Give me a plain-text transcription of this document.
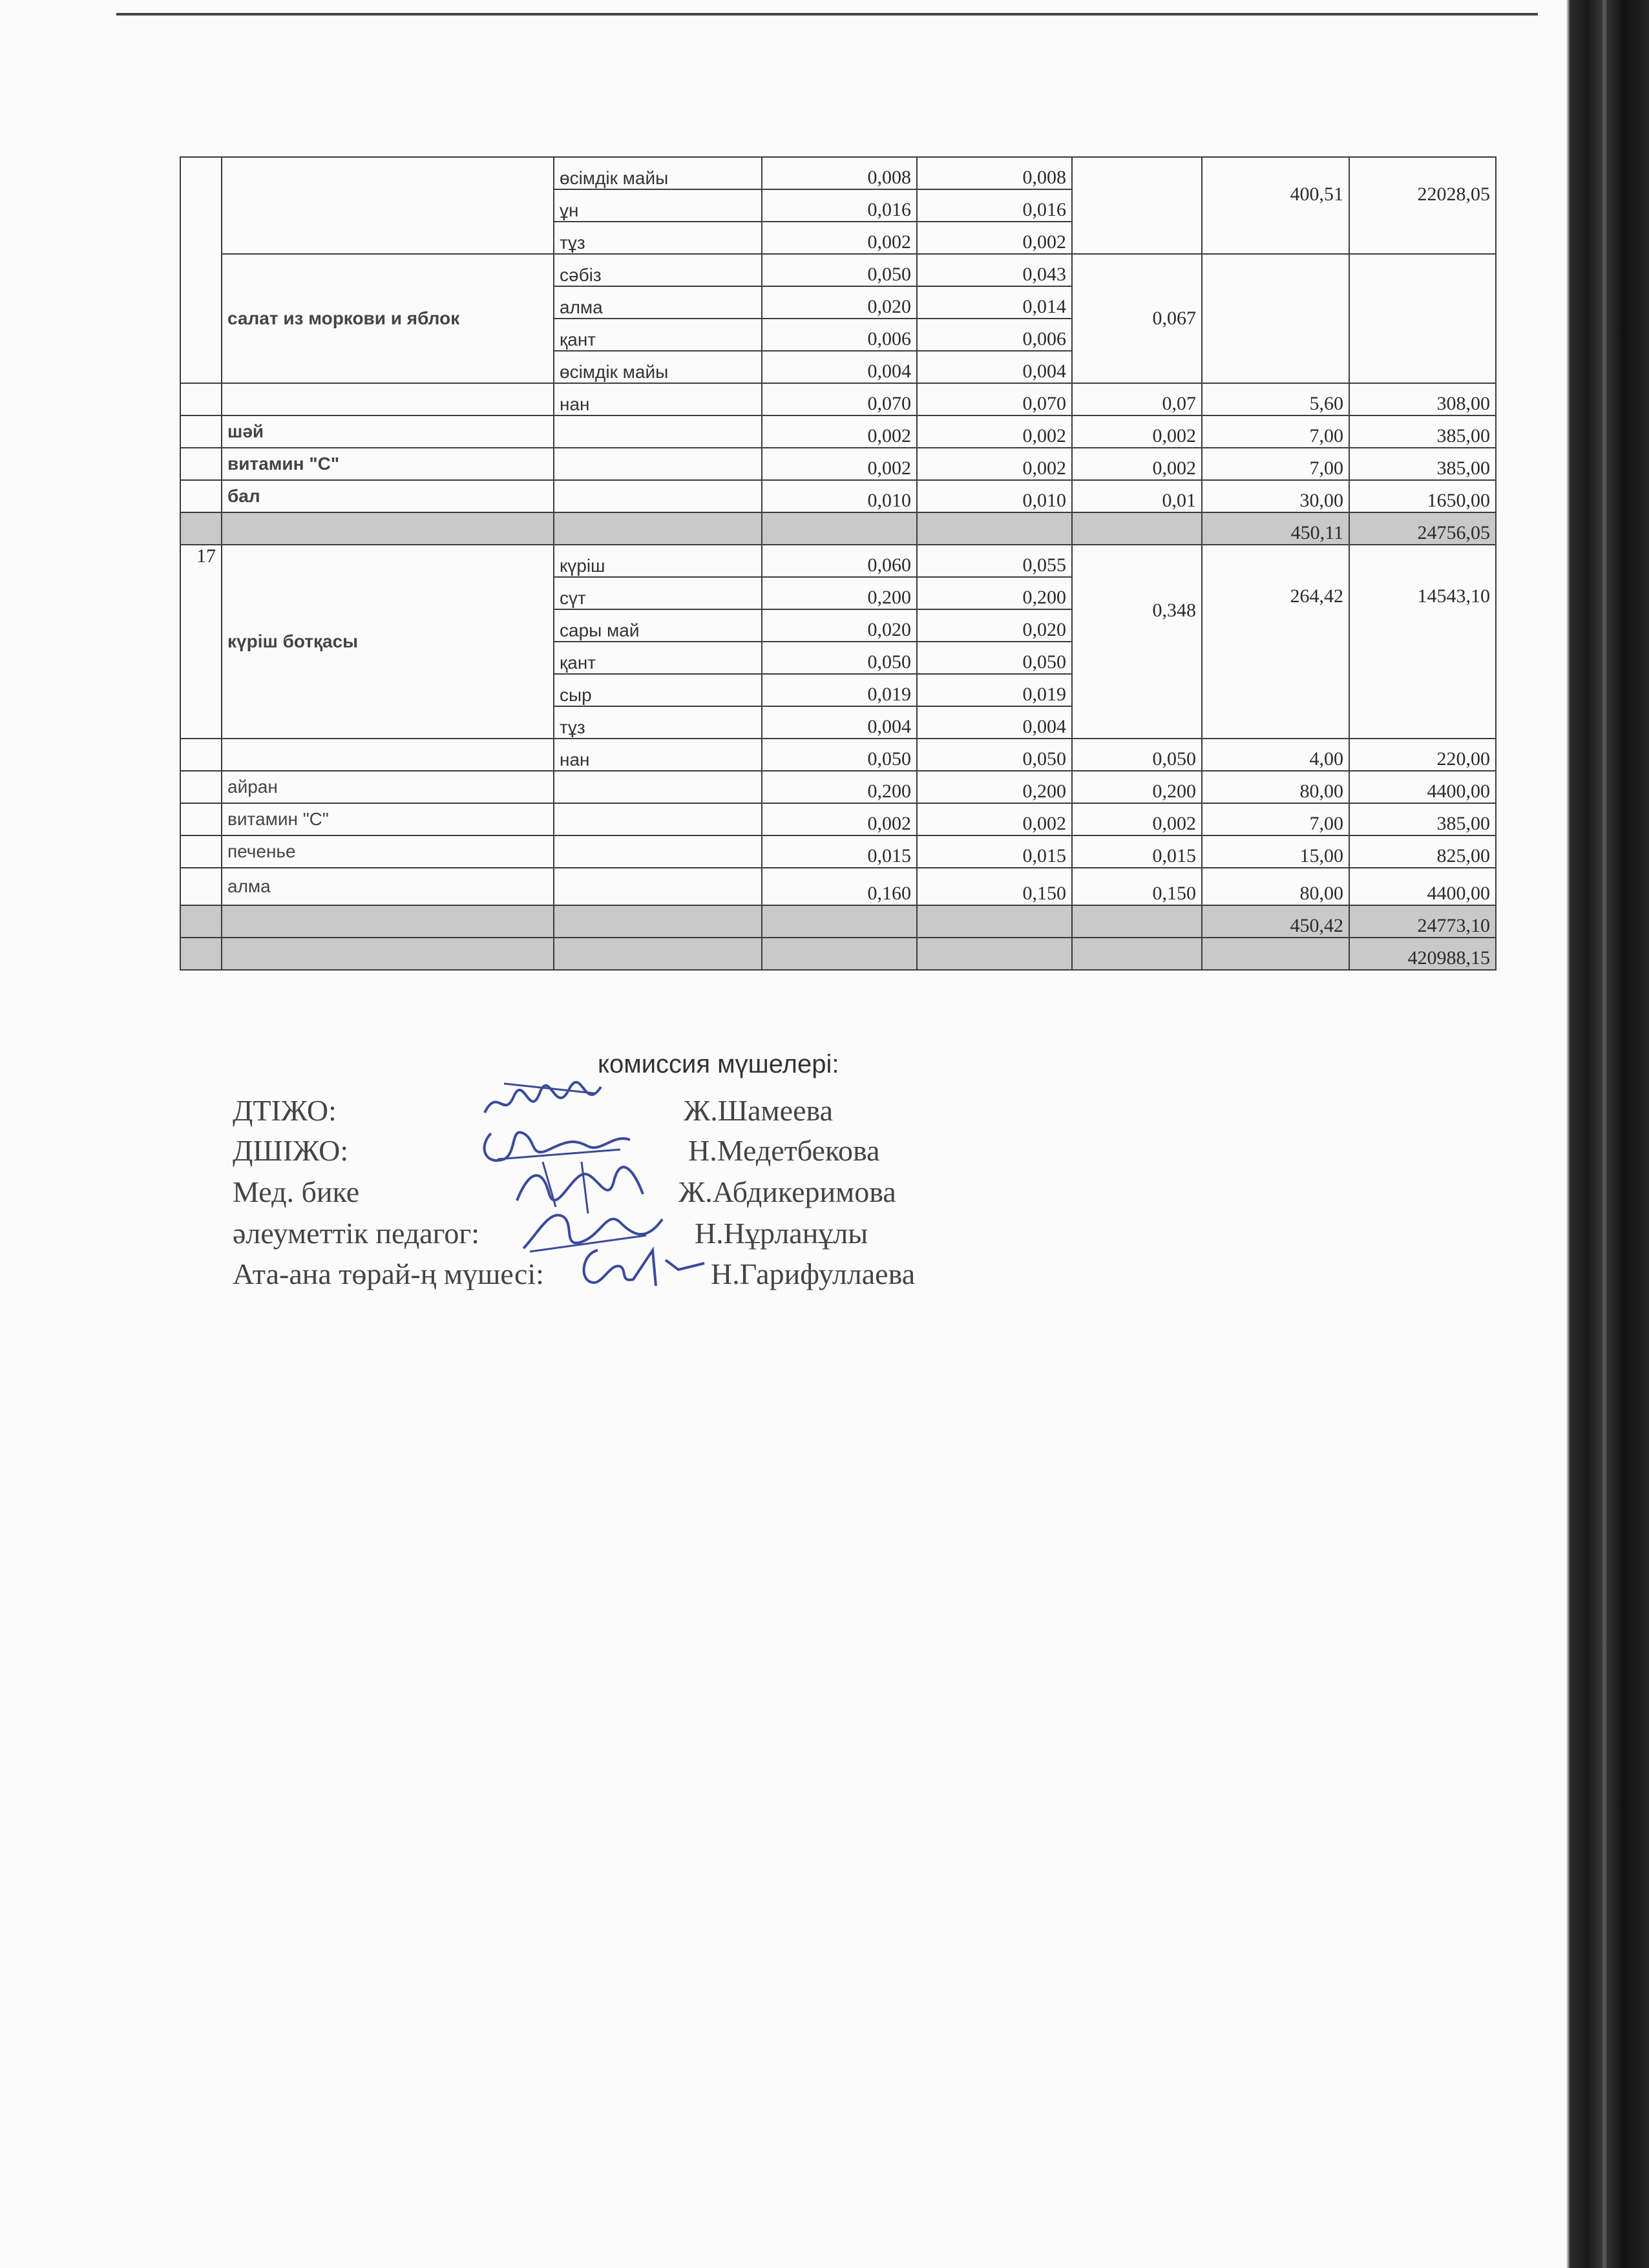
		өсімдік майы	0,008	0,008		400,51	22028,05
		ұн	0,016	0,016			
		тұз	0,002	0,002			
	салат из моркови и яблок	сәбіз	0,050	0,043	0,067		
		алма	0,020	0,014			
		қант	0,006	0,006			
		өсімдік майы	0,004	0,004			
		нан	0,070	0,070	0,07	5,60	308,00
	шәй		0,002	0,002	0,002	7,00	385,00
	витамин "С"		0,002	0,002	0,002	7,00	385,00
	бал		0,010	0,010	0,01	30,00	1650,00
						450,11	24756,05
17	күріш ботқасы	күріш	0,060	0,055	0,348	264,42	14543,10
		сүт	0,200	0,200			
		сары май	0,020	0,020			
		қант	0,050	0,050			
		сыр	0,019	0,019			
		тұз	0,004	0,004			
		нан	0,050	0,050	0,050	4,00	220,00
	айран		0,200	0,200	0,200	80,00	4400,00
	витамин "С"		0,002	0,002	0,002	7,00	385,00
	печенье		0,015	0,015	0,015	15,00	825,00
	алма		0,160	0,150	0,150	80,00	4400,00
						450,42	24773,10
							420988,15
комиссия мүшелері:
ДТІЖО:	Ж.Шамеева
ДШІЖО:	Н.Медетбекова
Мед. бике	Ж.Абдикеримова
әлеуметтік педагог:	Н.Нұрланұлы
Ата-ана төрай-ң мүшесі:	Н.Гарифуллаева
